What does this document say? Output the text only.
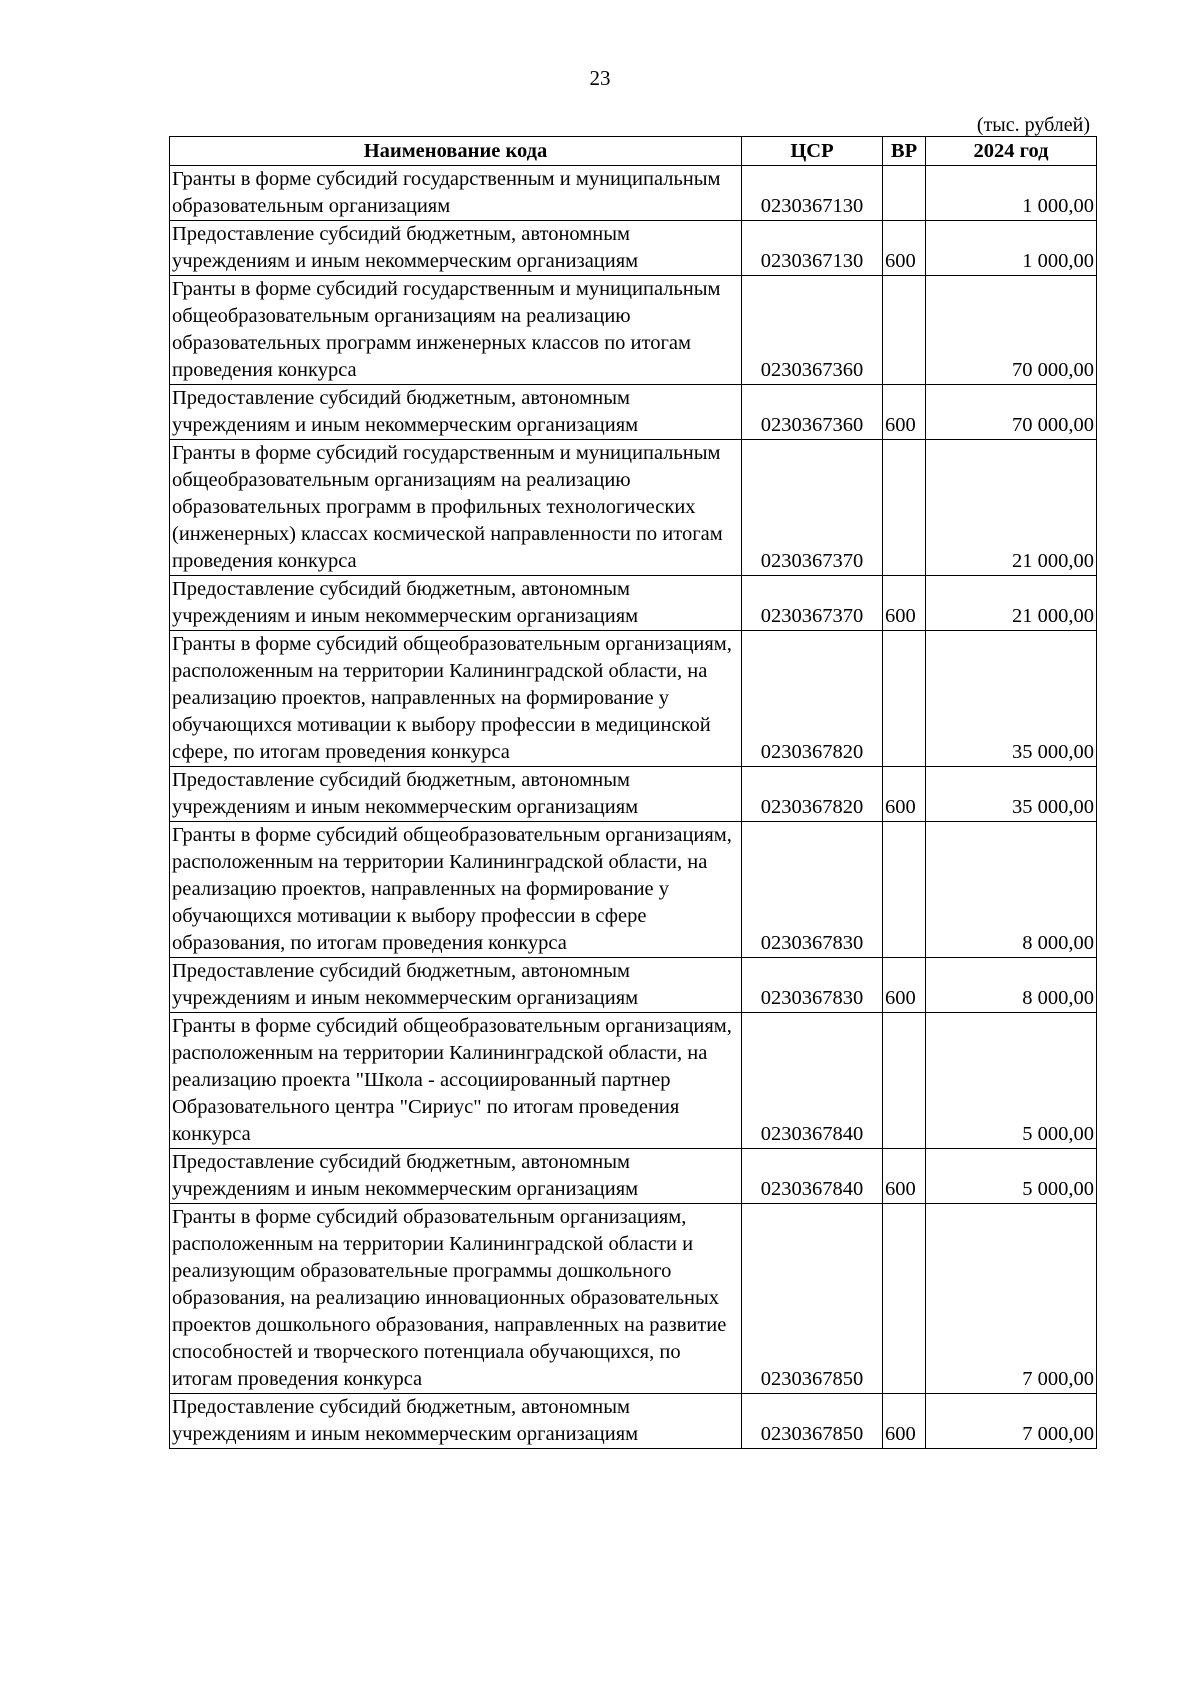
23
(тыс. рублей)
Наименование кода	ЦСР	ВР	2024 год
Гранты в форме субсидий государственным и муниципальным образовательным организациям	0230367130		1 000,00
Предоставление субсидий бюджетным, автономным учреждениям и иным некоммерческим организациям	0230367130	600	1 000,00
Гранты в форме субсидий государственным и муниципальным общеобразовательным организациям на реализацию образовательных программ инженерных классов по итогам проведения конкурса	0230367360		70 000,00
Предоставление субсидий бюджетным, автономным учреждениям и иным некоммерческим организациям	0230367360	600	70 000,00
Гранты в форме субсидий государственным и муниципальным общеобразовательным организациям на реализацию образовательных программ в профильных технологических (инженерных) классах космической направленности по итогам проведения конкурса	0230367370		21 000,00
Предоставление субсидий бюджетным, автономным учреждениям и иным некоммерческим организациям	0230367370	600	21 000,00
Гранты в форме субсидий общеобразовательным организациям, расположенным на территории Калининградской области, на реализацию проектов, направленных на формирование у обучающихся мотивации к выбору профессии в медицинской сфере, по итогам проведения конкурса	0230367820		35 000,00
Предоставление субсидий бюджетным, автономным учреждениям и иным некоммерческим организациям	0230367820	600	35 000,00
Гранты в форме субсидий общеобразовательным организациям, расположенным на территории Калининградской области, на реализацию проектов, направленных на формирование у обучающихся мотивации к выбору профессии в сфере образования, по итогам проведения конкурса	0230367830		8 000,00
Предоставление субсидий бюджетным, автономным учреждениям и иным некоммерческим организациям	0230367830	600	8 000,00
Гранты в форме субсидий общеобразовательным организациям, расположенным на территории Калининградской области, на реализацию проекта "Школа - ассоциированный партнер Образовательного центра "Сириус" по итогам проведения конкурса	0230367840		5 000,00
Предоставление субсидий бюджетным, автономным учреждениям и иным некоммерческим организациям	0230367840	600	5 000,00
Гранты в форме субсидий образовательным организациям, расположенным на территории Калининградской области и реализующим образовательные программы дошкольного образования, на реализацию инновационных образовательных проектов дошкольного образования, направленных на развитие способностей и творческого потенциала обучающихся, по итогам проведения конкурса	0230367850		7 000,00
Предоставление субсидий бюджетным, автономным учреждениям и иным некоммерческим организациям	0230367850	600	7 000,00
